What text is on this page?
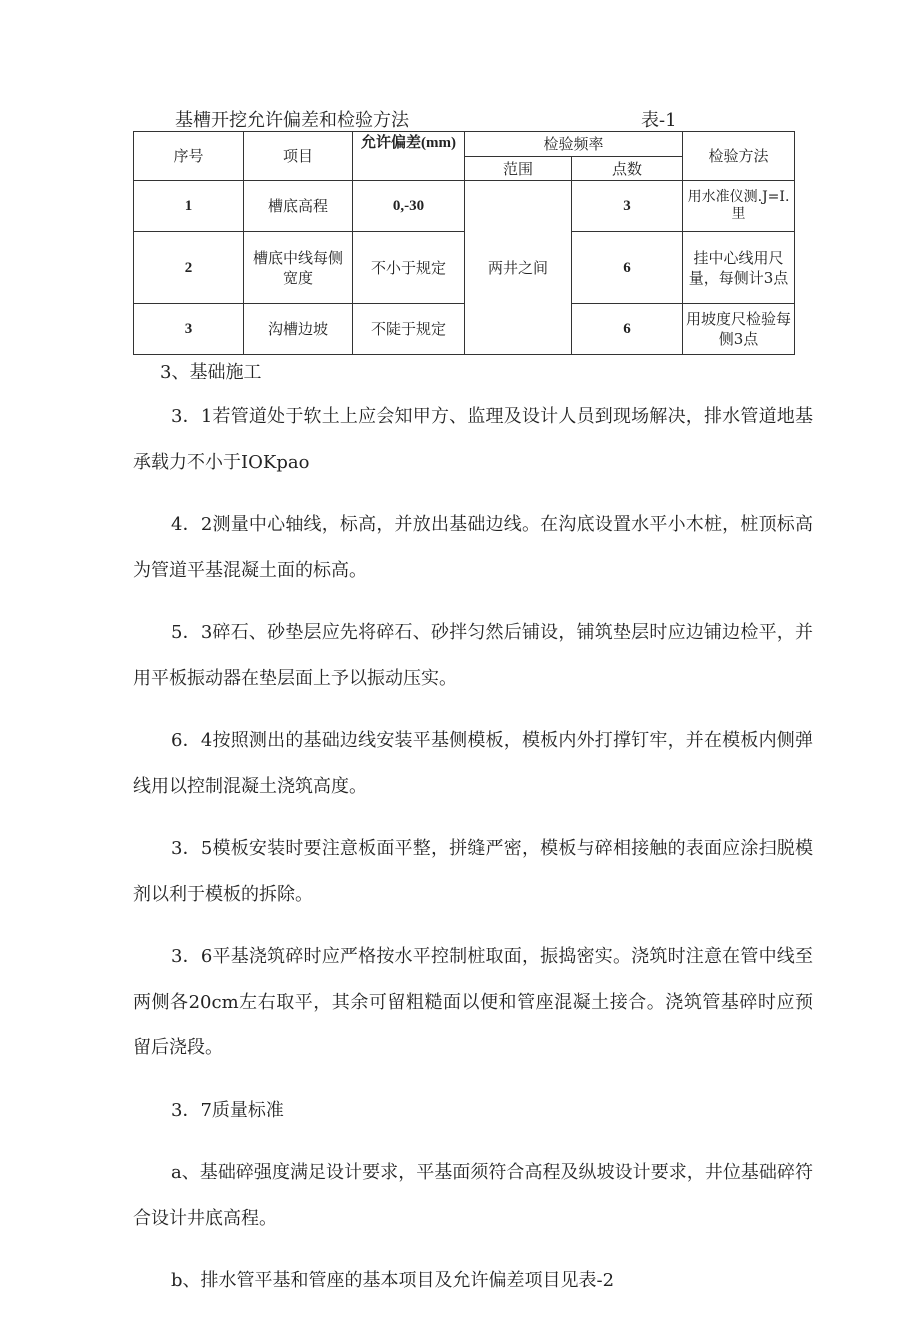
基槽开挖允许偏差和检验方法	表-1
序号	项目	允许偏差(mm)	检验频率		检验方法
			范围	点数	
1	槽底高程	0,-30	两井之间	3	用水准仪测.J=I.里
2	槽底中线每侧宽度	不小于规定		6	挂中心线用尺量，每侧计3点
3	沟槽边坡	不陡于规定		6	用坡度尺检验每侧3点
3、基础施工

3．1若管道处于软土上应会知甲方、监理及设计人员到现场解决，排水管道地基承载力不小于IOKpao

4．2测量中心轴线，标高，并放出基础边线。在沟底设置水平小木桩，桩顶标高为管道平基混凝土面的标高。

5．3碎石、砂垫层应先将碎石、砂拌匀然后铺设，铺筑垫层时应边铺边检平，并用平板振动器在垫层面上予以振动压实。

6．4按照测出的基础边线安装平基侧模板，模板内外打撑钉牢，并在模板内侧弹线用以控制混凝土浇筑高度。

3．5模板安装时要注意板面平整，拼缝严密，模板与碎相接触的表面应涂扫脱模剂以利于模板的拆除。

3．6平基浇筑碎时应严格按水平控制桩取面，振捣密实。浇筑时注意在管中线至两侧各20cm左右取平，其余可留粗糙面以便和管座混凝土接合。浇筑管基碎时应预留后浇段。

3．7质量标准

a、基础碎强度满足设计要求，平基面须符合高程及纵坡设计要求，井位基础碎符合设计井底高程。

b、排水管平基和管座的基本项目及允许偏差项目见表-2
